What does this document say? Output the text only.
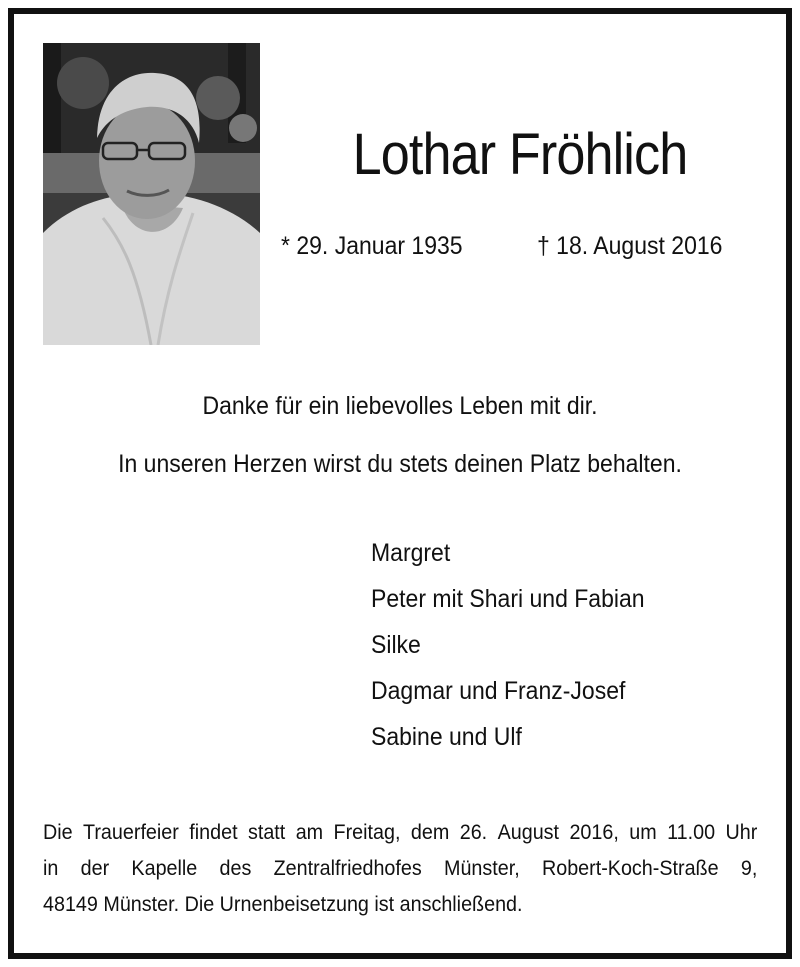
Lothar Fröhlich
* 29. Januar 1935	† 18. August 2016
Danke für ein liebevolles Leben mit dir.
In unseren Herzen wirst du stets deinen Platz behalten.
Margret
Peter mit Shari und Fabian
Silke
Dagmar und Franz-Josef
Sabine und Ulf
Die Trauerfeier findet statt am Freitag, dem 26. August 2016, um 11.00 Uhr
in der Kapelle des Zentralfriedhofes Münster, Robert-Koch-Straße 9,
48149 Münster. Die Urnenbeisetzung ist anschließend.
